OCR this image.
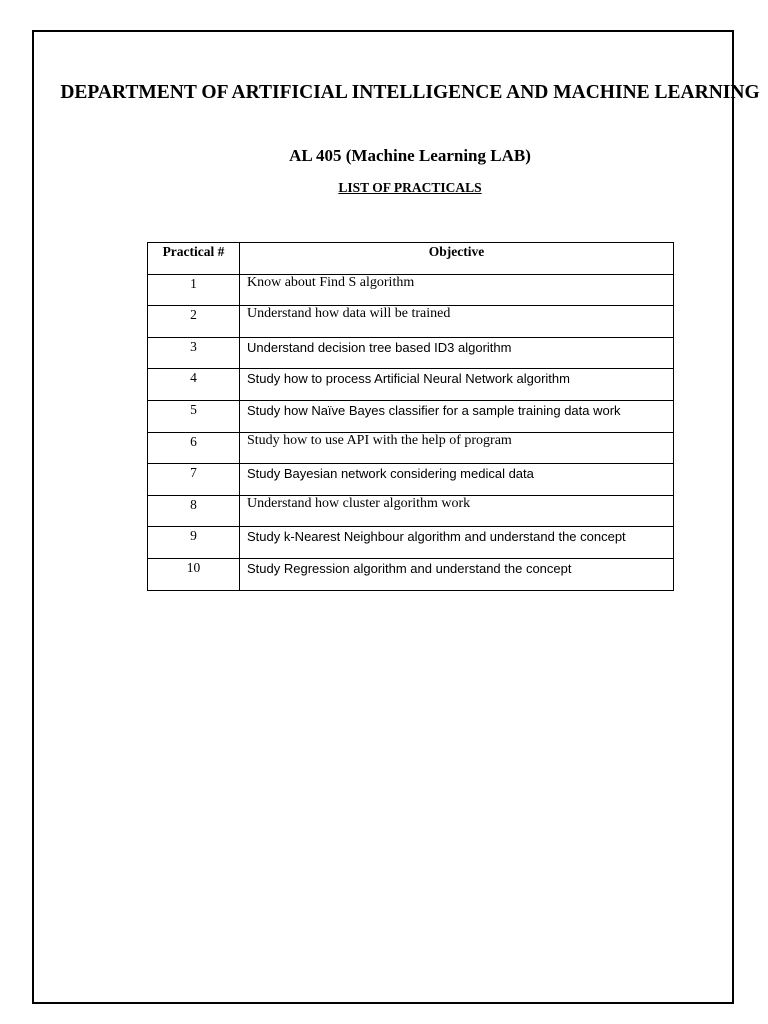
DEPARTMENT OF ARTIFICIAL INTELLIGENCE AND MACHINE LEARNING
AL 405 (Machine Learning LAB)
LIST OF PRACTICALS
Practical #	Objective
1	Know about Find S algorithm
2	Understand how data will be trained
3	Understand decision tree based ID3 algorithm
4	Study how to process Artificial Neural Network algorithm
5	Study how Naïve Bayes classifier for a sample training data work
6	Study how to use API with the help of program
7	Study Bayesian network considering medical data
8	Understand how cluster algorithm work
9	Study k-Nearest Neighbour algorithm and understand the concept
10	Study Regression algorithm and understand the concept
